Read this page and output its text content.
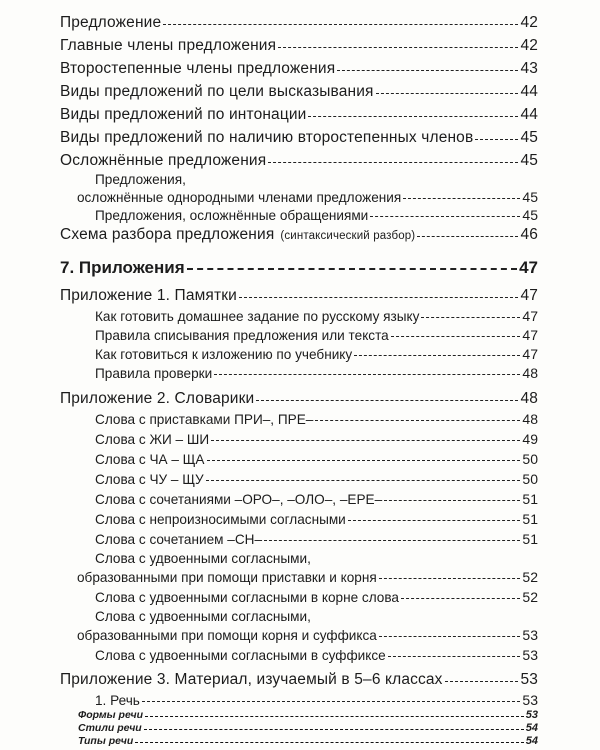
Предложение	42
Главные члены предложения	42
Второстепенные члены предложения	43
Виды предложений по цели высказывания	44
Виды предложений по интонации	44
Виды предложений по наличию второстепенных членов	45
Осложнённые предложения	45
Предложения,
осложнённые однородными членами предложения	45
Предложения, осложнённые обращениями	45
Схема разбора предложения (синтаксический разбор)	46
7. Приложения	47
Приложение 1. Памятки	47
Как готовить домашнее задание по русскому языку	47
Правила списывания предложения или текста	47
Как готовиться к изложению по учебнику	47
Правила проверки	48
Приложение 2. Словарики	48
Слова с приставками ПРИ–, ПРЕ–	48
Слова с ЖИ – ШИ	49
Слова с ЧА – ЩА	50
Слова с ЧУ – ЩУ	50
Слова с сочетаниями –ОРО–, –ОЛО–, –ЕРЕ–	51
Слова с непроизносимыми согласными	51
Слова с сочетанием –СН–	51
Слова с удвоенными согласными,
образованными при помощи приставки и корня	52
Слова с удвоенными согласными в корне слова	52
Слова с удвоенными согласными,
образованными при помощи корня и суффикса	53
Слова с удвоенными согласными в суффиксе	53
Приложение 3. Материал, изучаемый в 5–6 классах	53
1. Речь	53
Формы речи	53
Стили речи	54
Типы речи	54
